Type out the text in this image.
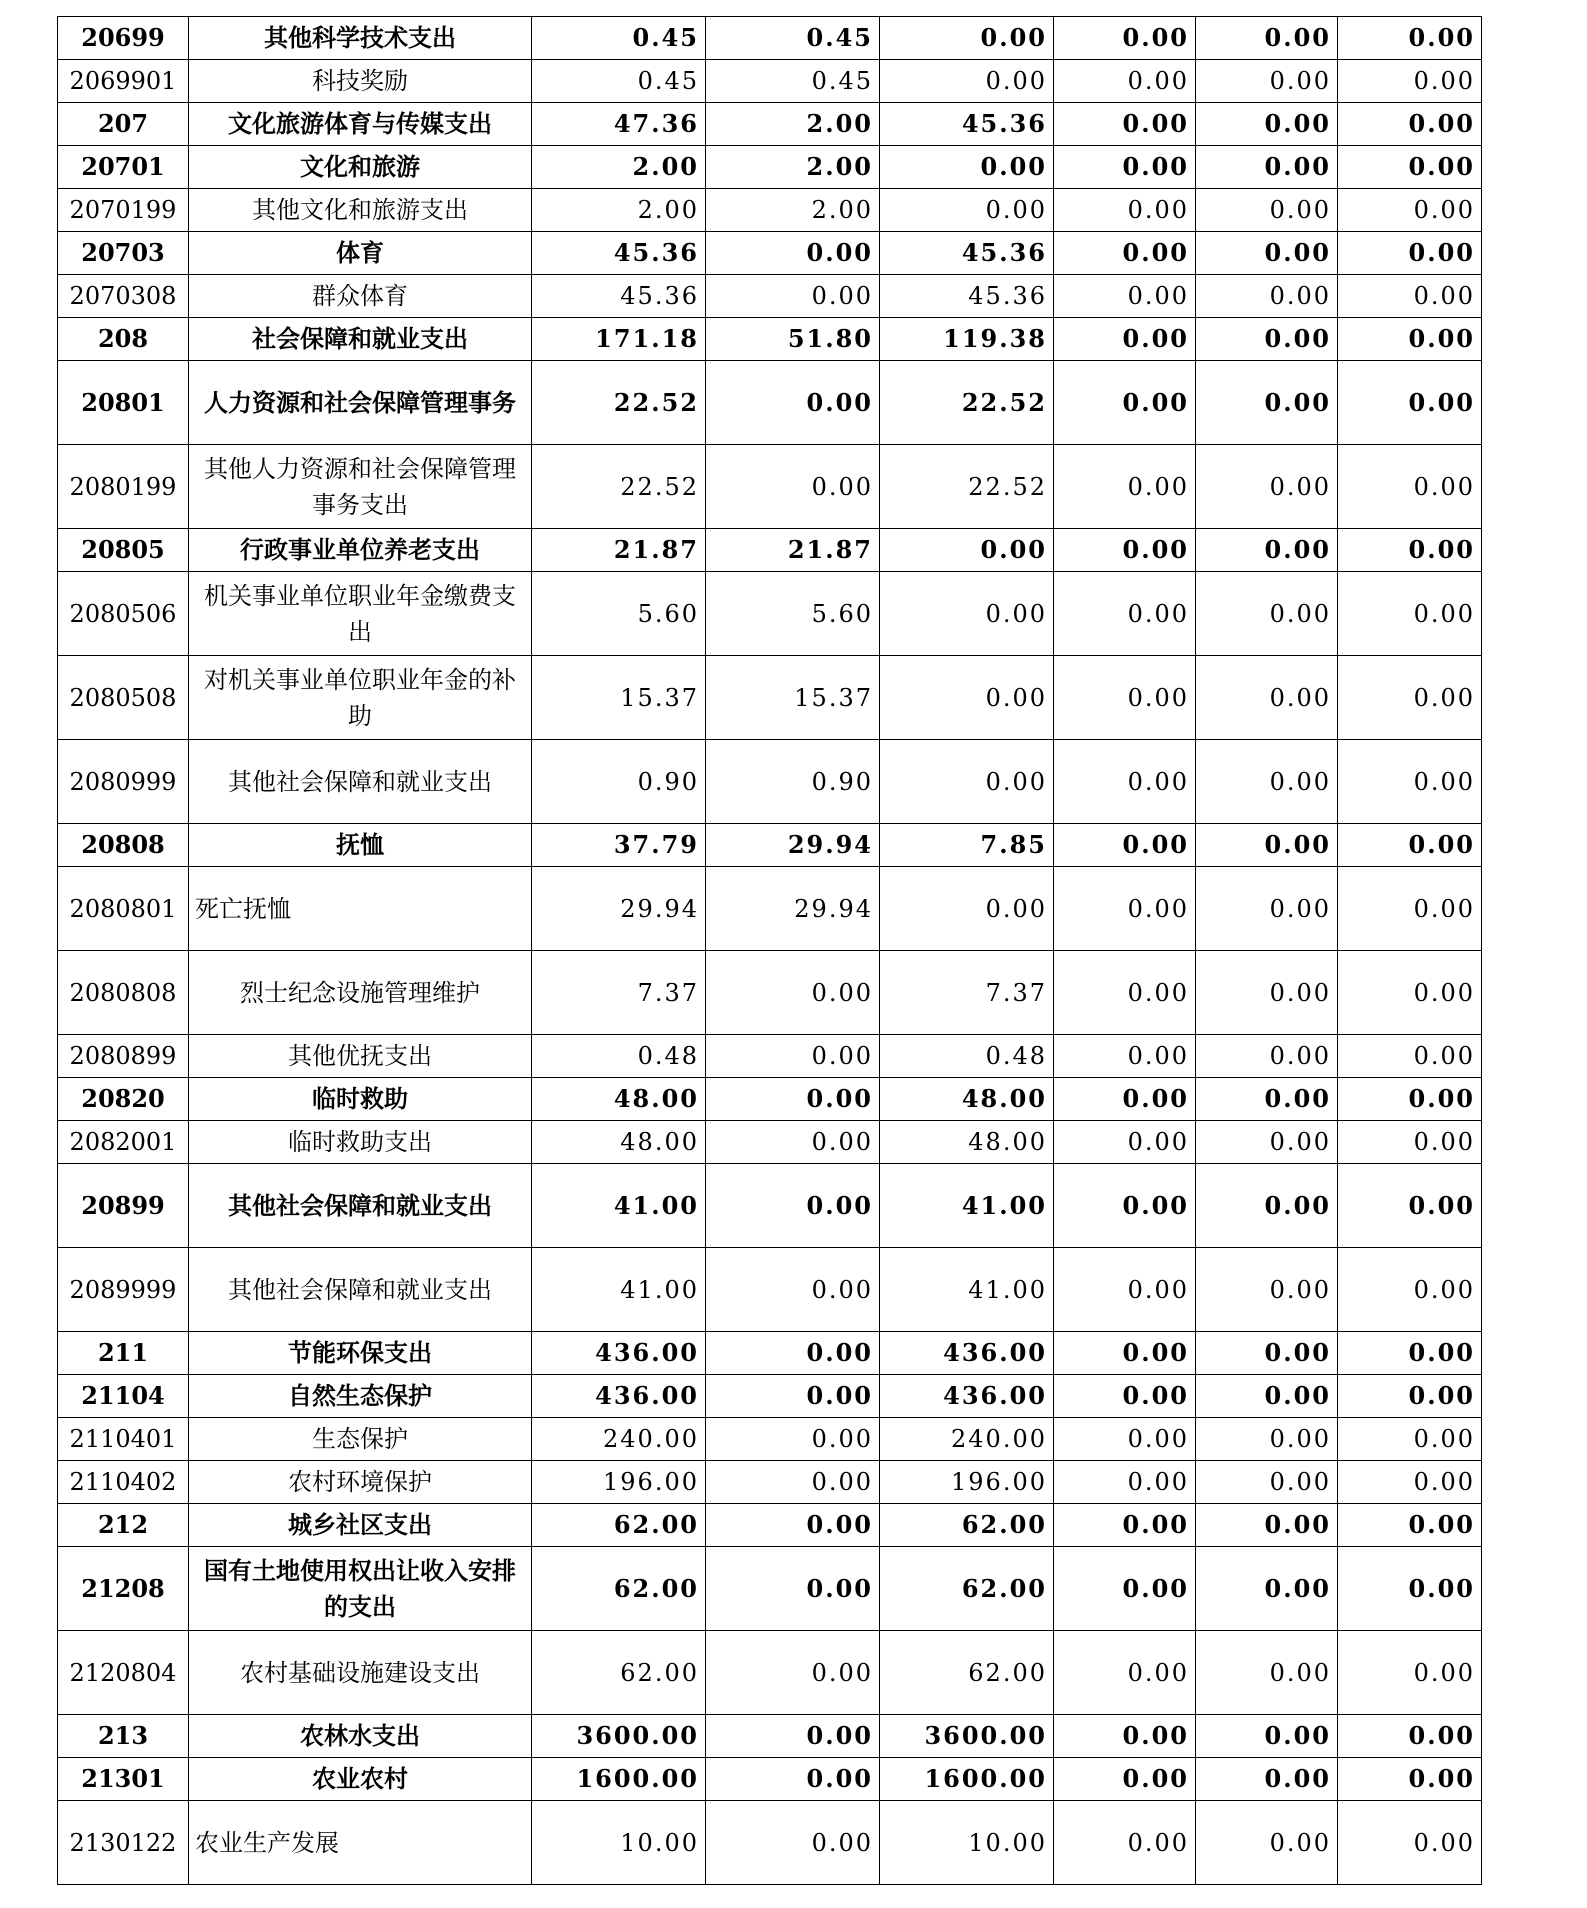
20699	其他科学技术支出	0.45	0.45	0.00	0.00	0.00	0.00
2069901	科技奖励	0.45	0.45	0.00	0.00	0.00	0.00
207	文化旅游体育与传媒支出	47.36	2.00	45.36	0.00	0.00	0.00
20701	文化和旅游	2.00	2.00	0.00	0.00	0.00	0.00
2070199	其他文化和旅游支出	2.00	2.00	0.00	0.00	0.00	0.00
20703	体育	45.36	0.00	45.36	0.00	0.00	0.00
2070308	群众体育	45.36	0.00	45.36	0.00	0.00	0.00
208	社会保障和就业支出	171.18	51.80	119.38	0.00	0.00	0.00
20801	人力资源和社会保障管理事务	22.52	0.00	22.52	0.00	0.00	0.00
2080199	其他人力资源和社会保障管理事务支出	22.52	0.00	22.52	0.00	0.00	0.00
20805	行政事业单位养老支出	21.87	21.87	0.00	0.00	0.00	0.00
2080506	机关事业单位职业年金缴费支出	5.60	5.60	0.00	0.00	0.00	0.00
2080508	对机关事业单位职业年金的补助	15.37	15.37	0.00	0.00	0.00	0.00
2080999	其他社会保障和就业支出	0.90	0.90	0.00	0.00	0.00	0.00
20808	抚恤	37.79	29.94	7.85	0.00	0.00	0.00
2080801	死亡抚恤	29.94	29.94	0.00	0.00	0.00	0.00
2080808	烈士纪念设施管理维护	7.37	0.00	7.37	0.00	0.00	0.00
2080899	其他优抚支出	0.48	0.00	0.48	0.00	0.00	0.00
20820	临时救助	48.00	0.00	48.00	0.00	0.00	0.00
2082001	临时救助支出	48.00	0.00	48.00	0.00	0.00	0.00
20899	其他社会保障和就业支出	41.00	0.00	41.00	0.00	0.00	0.00
2089999	其他社会保障和就业支出	41.00	0.00	41.00	0.00	0.00	0.00
211	节能环保支出	436.00	0.00	436.00	0.00	0.00	0.00
21104	自然生态保护	436.00	0.00	436.00	0.00	0.00	0.00
2110401	生态保护	240.00	0.00	240.00	0.00	0.00	0.00
2110402	农村环境保护	196.00	0.00	196.00	0.00	0.00	0.00
212	城乡社区支出	62.00	0.00	62.00	0.00	0.00	0.00
21208	国有土地使用权出让收入安排的支出	62.00	0.00	62.00	0.00	0.00	0.00
2120804	农村基础设施建设支出	62.00	0.00	62.00	0.00	0.00	0.00
213	农林水支出	3600.00	0.00	3600.00	0.00	0.00	0.00
21301	农业农村	1600.00	0.00	1600.00	0.00	0.00	0.00
2130122	农业生产发展	10.00	0.00	10.00	0.00	0.00	0.00
